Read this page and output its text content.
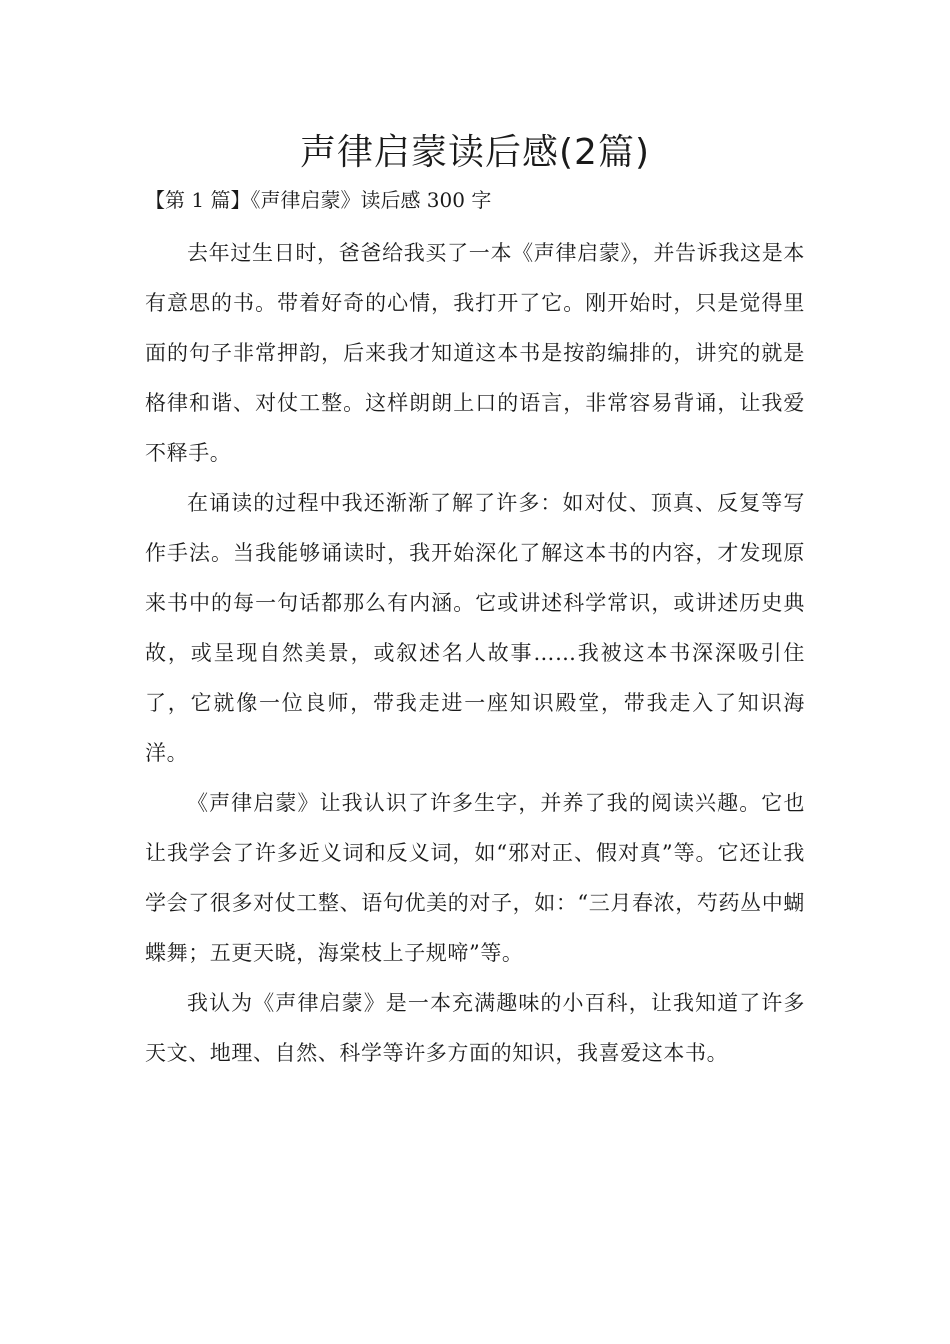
声律启蒙读后感(2篇)
【第 1 篇】《声律启蒙》读后感 300 字

去年过生日时，爸爸给我买了一本《声律启蒙》，并告诉我这是本有意思的书。带着好奇的心情，我打开了它。刚开始时，只是觉得里面的句子非常押韵，后来我才知道这本书是按韵编排的，讲究的就是格律和谐、对仗工整。这样朗朗上口的语言，非常容易背诵，让我爱不释手。

在诵读的过程中我还渐渐了解了许多：如对仗、顶真、反复等写作手法。当我能够诵读时，我开始深化了解这本书的内容，才发现原来书中的每一句话都那么有内涵。它或讲述科学常识，或讲述历史典故，或呈现自然美景，或叙述名人故事……我被这本书深深吸引住了，它就像一位良师，带我走进一座知识殿堂，带我走入了知识海洋。

《声律启蒙》让我认识了许多生字，并养了我的阅读兴趣。它也让我学会了许多近义词和反义词，如“邪对正、假对真”等。它还让我学会了很多对仗工整、语句优美的对子，如：“三月春浓，芍药丛中蝴蝶舞；五更天晓，海棠枝上子规啼”等。

我认为《声律启蒙》是一本充满趣味的小百科，让我知道了许多天文、地理、自然、科学等许多方面的知识，我喜爱这本书。
